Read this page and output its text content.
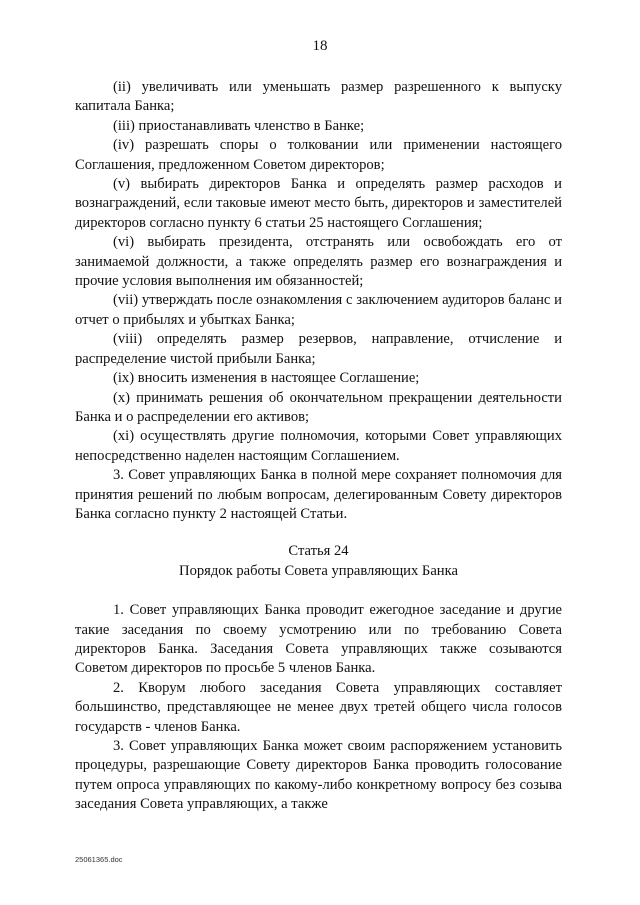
18

(ii) увеличивать или уменьшать размер разрешенного к выпуску капитала Банка;

(iii) приостанавливать членство в Банке;

(iv) разрешать споры о толковании или применении настоящего Соглашения, предложенном Советом директоров;

(v) выбирать директоров Банка и определять размер расходов и вознаграждений, если таковые имеют место быть, директоров и заместителей директоров согласно пункту 6 статьи 25 настоящего Соглашения;

(vi) выбирать президента, отстранять или освобождать его от занимаемой должности, а также определять размер его вознаграждения и прочие условия выполнения им обязанностей;

(vii) утверждать после ознакомления с заключением аудиторов баланс и отчет о прибылях и убытках Банка;

(viii) определять размер резервов, направление, отчисление и распределение чистой прибыли Банка;

(ix) вносить изменения в настоящее Соглашение;

(x) принимать решения об окончательном прекращении деятельности Банка и о распределении его активов;

(xi) осуществлять другие полномочия, которыми Совет управляющих непосредственно наделен настоящим Соглашением.

3. Совет управляющих Банка в полной мере сохраняет полномочия для принятия решений по любым вопросам, делегированным Совету директоров Банка согласно пункту 2 настоящей Статьи.

Статья 24
Порядок работы Совета управляющих Банка

1. Совет управляющих Банка проводит ежегодное заседание и другие такие заседания по своему усмотрению или по требованию Совета директоров Банка. Заседания Совета управляющих также созываются Советом директоров по просьбе 5 членов Банка.

2. Кворум любого заседания Совета управляющих составляет большинство, представляющее не менее двух третей общего числа голосов государств - членов Банка.

3. Совет управляющих Банка может своим распоряжением установить процедуры, разрешающие Совету директоров Банка проводить голосование путем опроса управляющих по какому-либо конкретному вопросу без созыва заседания Совета управляющих, а также

25061365.doc
